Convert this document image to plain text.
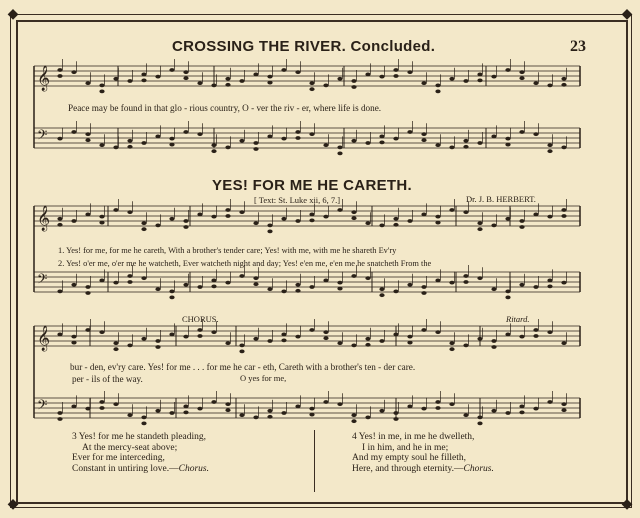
◆	◆
◆	◆
CROSSING THE RIVER. Concluded.	23
𝄞
𝄢
𝄞
𝄢
𝄞
𝄢
Peace may be found in that glo - rious country, O - ver the riv - er, where life is done.
YES! FOR ME HE CARETH.
[ Text: St. Luke xii, 6, 7.]	Dr. J. B. HERBERT.
1. Yes! for me, for me he careth, With a brother's tender care; Yes! with me, with me he shareth Ev'ry
2. Yes! o'er me, o'er me he watcheth, Ever watcheth night and day; Yes! e'en me, e'en me he snatcheth From the
CHORUS.	Ritard.
bur - den, ev'ry care. Yes! for me . . . for me he car - eth, Careth with a brother's ten - der care.
per - ils of the way.	O yes for me,
3 Yes! for me he standeth pleading,
At the mercy-seat above;
Ever for me interceding,
Constant in untiring love.—Chorus.
4 Yes! in me, in me he dwelleth,
I in him, and he in me;
And my empty soul he filleth,
Here, and through eternity.—Chorus.
